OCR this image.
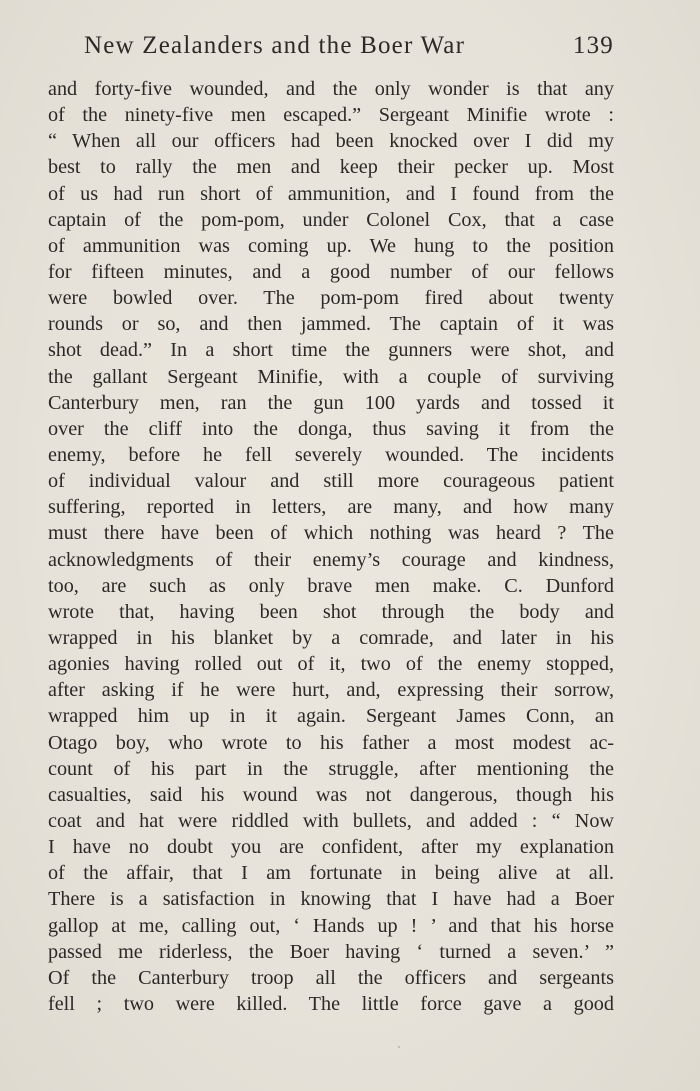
New Zealanders and the Boer War	139
and forty-five wounded, and the only wonder is that any
of the ninety-five men escaped.” Sergeant Minifie wrote :
“ When all our officers had been knocked over I did my
best to rally the men and keep their pecker up. Most
of us had run short of ammunition, and I found from the
captain of the pom-pom, under Colonel Cox, that a case
of ammunition was coming up. We hung to the position
for fifteen minutes, and a good number of our fellows
were bowled over. The pom-pom fired about twenty
rounds or so, and then jammed. The captain of it was
shot dead.” In a short time the gunners were shot, and
the gallant Sergeant Minifie, with a couple of surviving
Canterbury men, ran the gun 100 yards and tossed it
over the cliff into the donga, thus saving it from the
enemy, before he fell severely wounded. The incidents
of individual valour and still more courageous patient
suffering, reported in letters, are many, and how many
must there have been of which nothing was heard ? The
acknowledgments of their enemy’s courage and kindness,
too, are such as only brave men make. C. Dunford
wrote that, having been shot through the body and
wrapped in his blanket by a comrade, and later in his
agonies having rolled out of it, two of the enemy stopped,
after asking if he were hurt, and, expressing their sorrow,
wrapped him up in it again. Sergeant James Conn, an
Otago boy, who wrote to his father a most modest ac-
count of his part in the struggle, after mentioning the
casualties, said his wound was not dangerous, though his
coat and hat were riddled with bullets, and added : “ Now
I have no doubt you are confident, after my explanation
of the affair, that I am fortunate in being alive at all.
There is a satisfaction in knowing that I have had a Boer
gallop at me, calling out, ‘ Hands up ! ’ and that his horse
passed me riderless, the Boer having ‘ turned a seven.’ ”
Of the Canterbury troop all the officers and sergeants
fell ; two were killed. The little force gave a good
